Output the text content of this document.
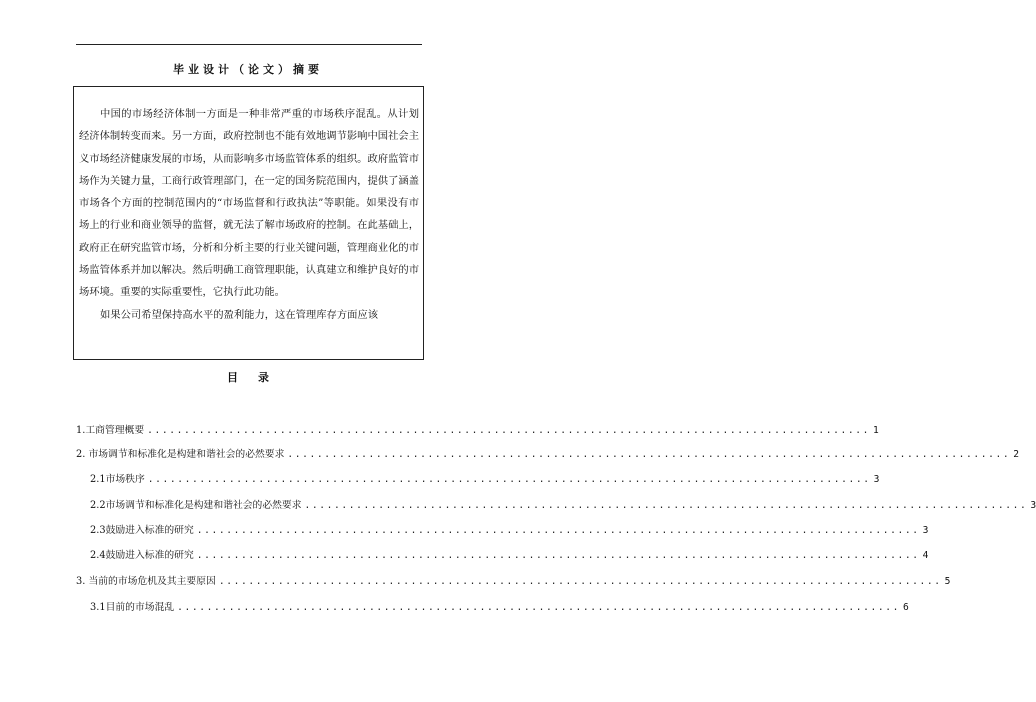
毕业设计（论文）摘要

中国的市场经济体制一方面是一种非常严重的市场秩序混乱。从计划经济体制转变而来。另一方面，政府控制也不能有效地调节影响中国社会主义市场经济健康发展的市场，从而影响多市场监管体系的组织。政府监管市场作为关键力量，工商行政管理部门，在一定的国务院范围内，提供了涵盖市场各个方面的控制范围内的“市场监督和行政执法”等职能。如果没有市场上的行业和商业领导的监督，就无法了解市场政府的控制。在此基础上，政府正在研究监管市场，分析和分析主要的行业关键问题，管理商业化的市场监管体系并加以解决。然后明确工商管理职能，认真建立和维护良好的市场环境。重要的实际重要性，它执行此功能。

如果公司希望保持高水平的盈利能力，这在管理库存方面应该

目录
1.工商管理概要 .................................................................................................. 1
2. 市场调节和标准化是构建和谐社会的必然要求 .................................................................................................. 2
2.1市场秩序 .................................................................................................. 3
2.2市场调节和标准化是构建和谐社会的必然要求 .................................................................................................. 3
2.3鼓励进入标准的研究 .................................................................................................. 3
2.4鼓励进入标准的研究 .................................................................................................. 4
3. 当前的市场危机及其主要原因 .................................................................................................. 5
3.1目前的市场混乱 .................................................................................................. 6
